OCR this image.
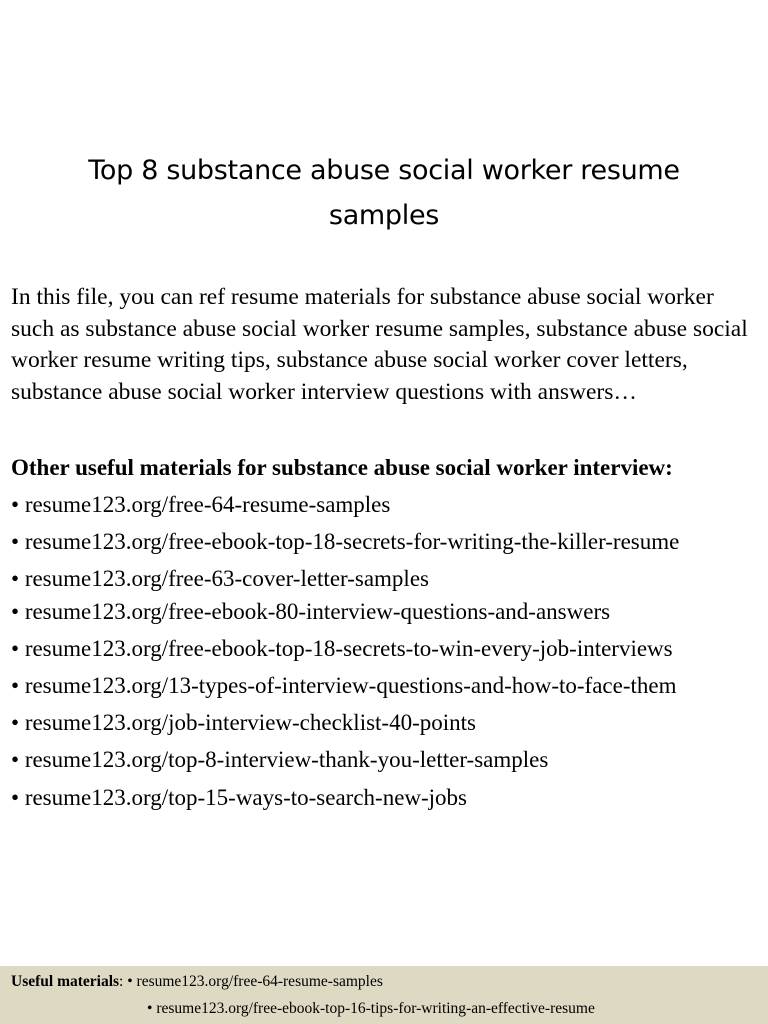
Top 8 substance abuse social worker resume samples

In this file, you can ref resume materials for substance abuse social worker such as substance abuse social worker resume samples, substance abuse social worker resume writing tips, substance abuse social worker cover letters, substance abuse social worker interview questions with answers…

Other useful materials for substance abuse social worker interview:

• resume123.org/free-64-resume-samples

• resume123.org/free-ebook-top-18-secrets-for-writing-the-killer-resume

• resume123.org/free-63-cover-letter-samples

• resume123.org/free-ebook-80-interview-questions-and-answers

• resume123.org/free-ebook-top-18-secrets-to-win-every-job-interviews

• resume123.org/13-types-of-interview-questions-and-how-to-face-them

• resume123.org/job-interview-checklist-40-points

• resume123.org/top-8-interview-thank-you-letter-samples

• resume123.org/top-15-ways-to-search-new-jobs

Useful materials: • resume123.org/free-64-resume-samples
• resume123.org/free-ebook-top-16-tips-for-writing-an-effective-resume
